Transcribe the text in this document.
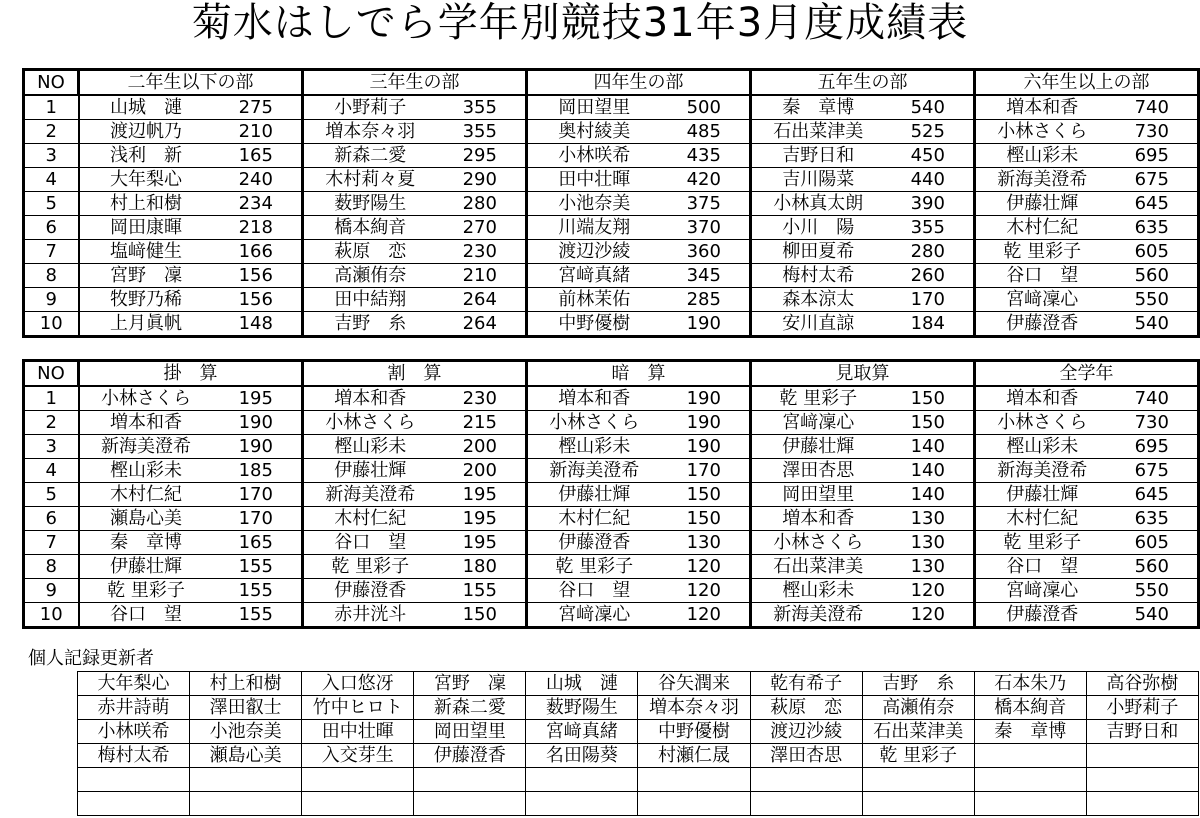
菊水はしでら学年別競技31年3月度成績表
NO	二年生以下の部		三年生の部		四年生の部		五年生の部		六年生以上の部	
1	山城　漣	275	小野莉子	355	岡田望里	500	秦　章博	540	増本和香	740
2	渡辺帆乃	210	増本奈々羽	355	奥村綾美	485	石出菜津美	525	小林さくら	730
3	浅利　新	165	新森二愛	295	小林咲希	435	吉野日和	450	樫山彩未	695
4	大年梨心	240	木村莉々夏	290	田中壮暉	420	吉川陽菜	440	新海美澄希	675
5	村上和樹	234	薮野陽生	280	小池奈美	375	小林真太朗	390	伊藤壮輝	645
6	岡田康暉	218	橋本絢音	270	川端友翔	370	小川　陽	355	木村仁紀	635
7	塩﨑健生	166	萩原　恋	230	渡辺沙綾	360	柳田夏希	280	乾 里彩子	605
8	宮野　凜	156	高瀬侑奈	210	宮﨑真緒	345	梅村太希	260	谷口　望	560
9	牧野乃稀	156	田中結翔	264	前林茉佑	285	森本涼太	170	宮﨑凜心	550
10	上月眞帆	148	吉野　糸	264	中野優樹	190	安川直諒	184	伊藤澄香	540
NO	掛　算		割　算		暗　算		見取算		全学年	
1	小林さくら	195	増本和香	230	増本和香	190	乾 里彩子	150	増本和香	740
2	増本和香	190	小林さくら	215	小林さくら	190	宮﨑凜心	150	小林さくら	730
3	新海美澄希	190	樫山彩未	200	樫山彩未	190	伊藤壮輝	140	樫山彩未	695
4	樫山彩未	185	伊藤壮輝	200	新海美澄希	170	澤田杏思	140	新海美澄希	675
5	木村仁紀	170	新海美澄希	195	伊藤壮輝	150	岡田望里	140	伊藤壮輝	645
6	瀬島心美	170	木村仁紀	195	木村仁紀	150	増本和香	130	木村仁紀	635
7	秦　章博	165	谷口　望	195	伊藤澄香	130	小林さくら	130	乾 里彩子	605
8	伊藤壮輝	155	乾 里彩子	180	乾 里彩子	120	石出菜津美	130	谷口　望	560
9	乾 里彩子	155	伊藤澄香	155	谷口　望	120	樫山彩未	120	宮﨑凜心	550
10	谷口　望	155	赤井洸斗	150	宮﨑凜心	120	新海美澄希	120	伊藤澄香	540
個人記録更新者
大年梨心	村上和樹	入口悠冴	宮野　凜	山城　漣	谷矢潤来	乾有希子	吉野　糸	石本朱乃	高谷弥樹
赤井詩萌	澤田叡士	竹中ヒロト	新森二愛	薮野陽生	増本奈々羽	萩原　恋	高瀬侑奈	橋本絢音	小野莉子
小林咲希	小池奈美	田中壮暉	岡田望里	宮﨑真緒	中野優樹	渡辺沙綾	石出菜津美	秦　章博	吉野日和
梅村太希	瀬島心美	入交芽生	伊藤澄香	名田陽葵	村瀬仁晟	澤田杏思	乾 里彩子		
